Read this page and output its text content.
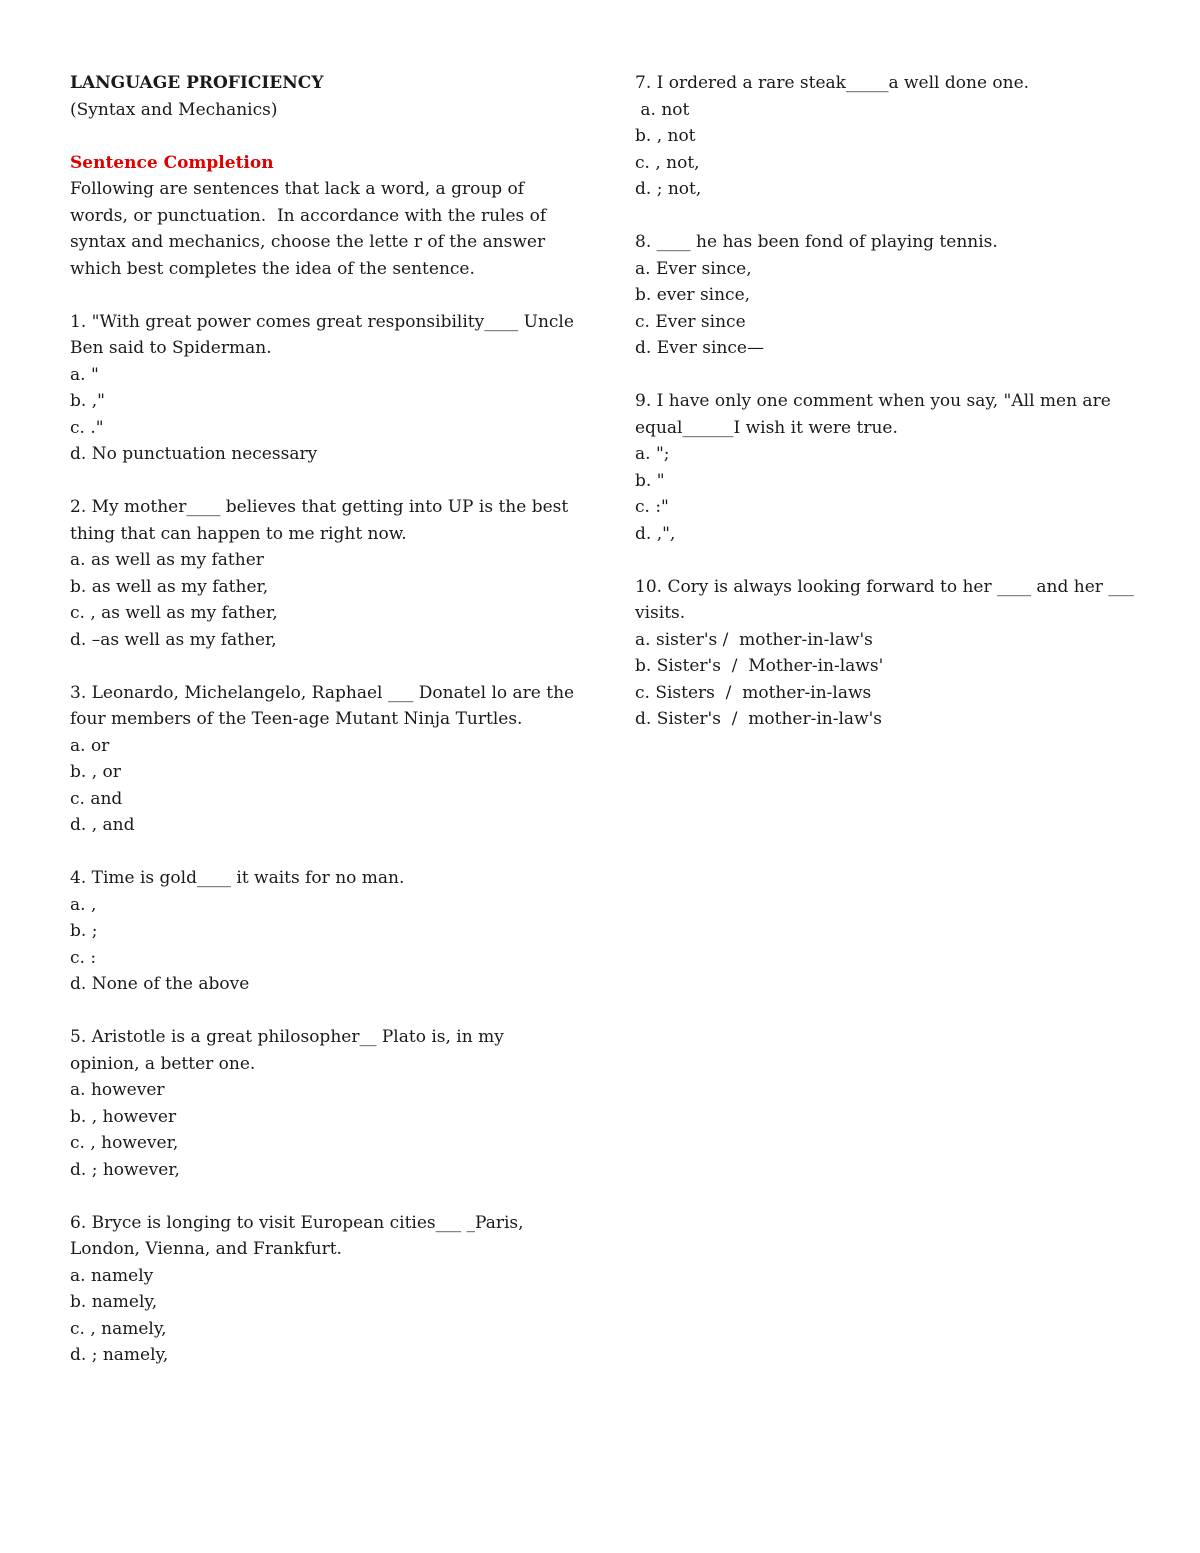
LANGUAGE PROFICIENCY

(Syntax and Mechanics)

Sentence Completion

Following are sentences that lack a word, a group of

words, or punctuation.  In accordance with the rules of

syntax and mechanics, choose the lette r of the answer

which best completes the idea of the sentence.

1. "With great power comes great responsibility____ Uncle

Ben said to Spiderman.

a. "

b. ,"

c. ."

d. No punctuation necessary

2. My mother____ believes that getting into UP is the best

thing that can happen to me right now.

a. as well as my father

b. as well as my father,

c. , as well as my father,

d. –as well as my father,

3. Leonardo, Michelangelo, Raphael ___ Donatel lo are the

four members of the Teen-age Mutant Ninja Turtles.

a. or

b. , or

c. and

d. , and

4. Time is gold____ it waits for no man.

a. ,

b. ;

c. :

d. None of the above

5. Aristotle is a great philosopher__ Plato is, in my

opinion, a better one.

a. however

b. , however

c. , however,

d. ; however,

6. Bryce is longing to visit European cities___ _Paris,

London, Vienna, and Frankfurt.

a. namely

b. namely,

c. , namely,

d. ; namely,

7. I ordered a rare steak_____a well done one.

a. not

b. , not

c. , not,

d. ; not,

8. ____ he has been fond of playing tennis.

a. Ever since,

b. ever since,

c. Ever since

d. Ever since—

9. I have only one comment when you say, "All men are

equal______I wish it were true.

a. ";

b. "

c. :"

d. ,",

10. Cory is always looking forward to her ____ and her ___

visits.

a. sister's /  mother-in-law's

b. Sister's  /  Mother-in-laws'

c. Sisters  /  mother-in-laws

d. Sister's  /  mother-in-law's
